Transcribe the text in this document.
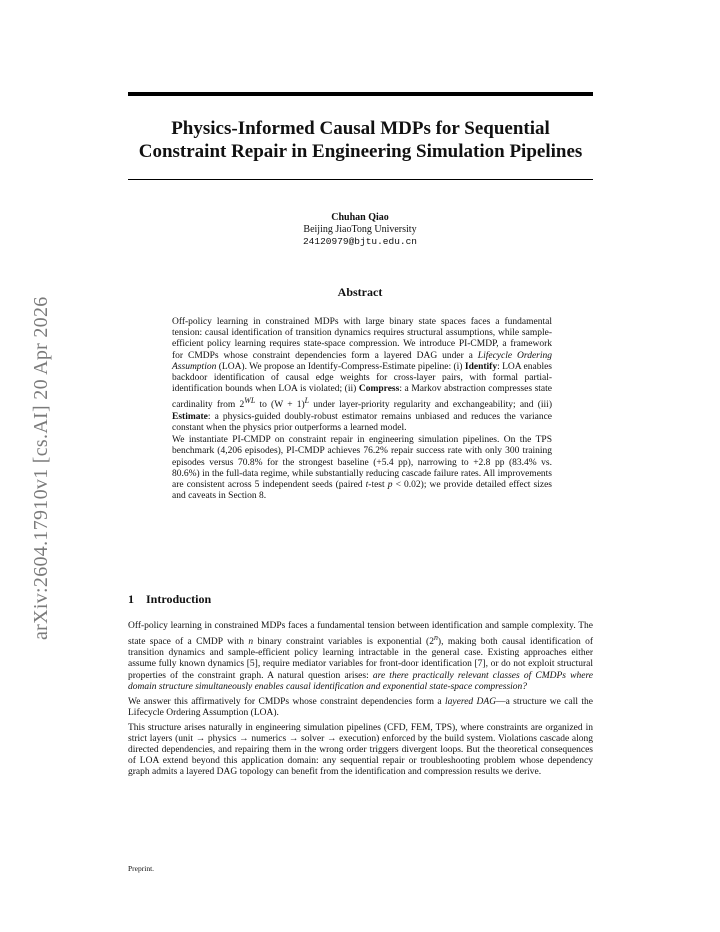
arXiv:2604.17910v1 [cs.AI] 20 Apr 2026
Physics-Informed Causal MDPs for Sequential
Constraint Repair in Engineering Simulation Pipelines
Chuhan Qiao
Beijing JiaoTong University
24120979@bjtu.edu.cn
Abstract

Off-policy learning in constrained MDPs with large binary state spaces faces a fundamental tension: causal identification of transition dynamics requires structural assumptions, while sample-efficient policy learning requires state-space compression. We introduce PI-CMDP, a framework for CMDPs whose constraint dependencies form a layered DAG under a Lifecycle Ordering Assumption (LOA). We propose an Identify-Compress-Estimate pipeline: (i) Identify: LOA enables backdoor identification of causal edge weights for cross-layer pairs, with formal partial-identification bounds when LOA is violated; (ii) Compress: a Markov abstraction compresses state cardinality from $2^{WL}$ to $(W + 1)^L$ under layer-priority regularity and exchangeability; and (iii) Estimate: a physics-guided doubly-robust estimator remains unbiased and reduces the variance constant when the physics prior outperforms a learned model.

We instantiate PI-CMDP on constraint repair in engineering simulation pipelines. On the TPS benchmark (4,206 episodes), PI-CMDP achieves 76.2% repair success rate with only 300 training episodes versus 70.8% for the strongest baseline (+5.4 pp), narrowing to +2.8 pp (83.4% vs. 80.6%) in the full-data regime, while substantially reducing cascade failure rates. All improvements are consistent across 5 independent seeds (paired t-test p < 0.02); we provide detailed effect sizes and caveats in Section 8.

1 Introduction

Off-policy learning in constrained MDPs faces a fundamental tension between identification and sample complexity. The state space of a CMDP with n binary constraint variables is exponential (2$^n$), making both causal identification of transition dynamics and sample-efficient policy learning intractable in the general case. Existing approaches either assume fully known dynamics [5], require mediator variables for front-door identification [7], or do not exploit structural properties of the constraint graph. A natural question arises: are there practically relevant classes of CMDPs where domain structure simultaneously enables causal identification and exponential state-space compression?

We answer this affirmatively for CMDPs whose constraint dependencies form a layered DAG—a structure we call the Lifecycle Ordering Assumption (LOA).

This structure arises naturally in engineering simulation pipelines (CFD, FEM, TPS), where constraints are organized in strict layers (unit → physics → numerics → solver → execution) enforced by the build system. Violations cascade along directed dependencies, and repairing them in the wrong order triggers divergent loops. But the theoretical consequences of LOA extend beyond this application domain: any sequential repair or troubleshooting problem whose dependency graph admits a layered DAG topology can benefit from the identification and compression results we derive.

Preprint.
